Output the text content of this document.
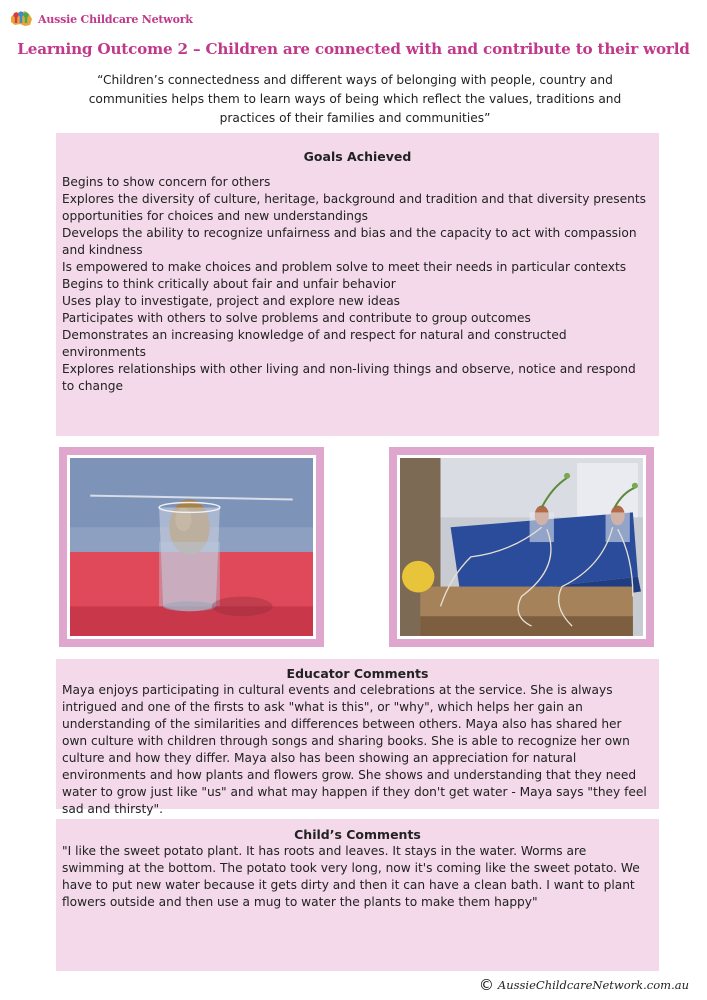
Aussie Childcare Network
Learning Outcome 2 – Children are connected with and contribute to their world
“Children’s connectedness and different ways of belonging with people, country and communities helps them to learn ways of being which reflect the values, traditions and practices of their families and communities”
Goals Achieved
Begins to show concern for others
Explores the diversity of culture, heritage, background and tradition and that diversity presents opportunities for choices and new understandings
Develops the ability to recognize unfairness and bias and the capacity to act with compassion and kindness
Is empowered to make choices and problem solve to meet their needs in particular contexts
Begins to think critically about fair and unfair behavior
Uses play to investigate, project and explore new ideas
Participates with others to solve problems and contribute to group outcomes
Demonstrates an increasing knowledge of and respect for natural and constructed environments
Explores relationships with other living and non-living things and observe, notice and respond to change
Educator Comments
Maya enjoys participating in cultural events and celebrations at the service. She is always intrigued and one of the firsts to ask "what is this", or "why", which helps her gain an understanding of the similarities and differences between others. Maya also has shared her own culture with children through songs and sharing books. She is able to recognize her own culture and how they differ. Maya also has been showing an appreciation for natural environments and how plants and flowers grow. She shows and understanding that they need water to grow just like "us" and what may happen if they don't get water - Maya says "they feel sad and thirsty".
Child’s Comments
"I like the sweet potato plant. It has roots and leaves. It stays in the water. Worms are swimming at the bottom. The potato took very long, now it's coming like the sweet potato. We have to put new water because it gets dirty and then it can have a clean bath. I want to plant flowers outside and then use a mug to water the plants to make them happy"
© AussieChildcareNetwork.com.au
